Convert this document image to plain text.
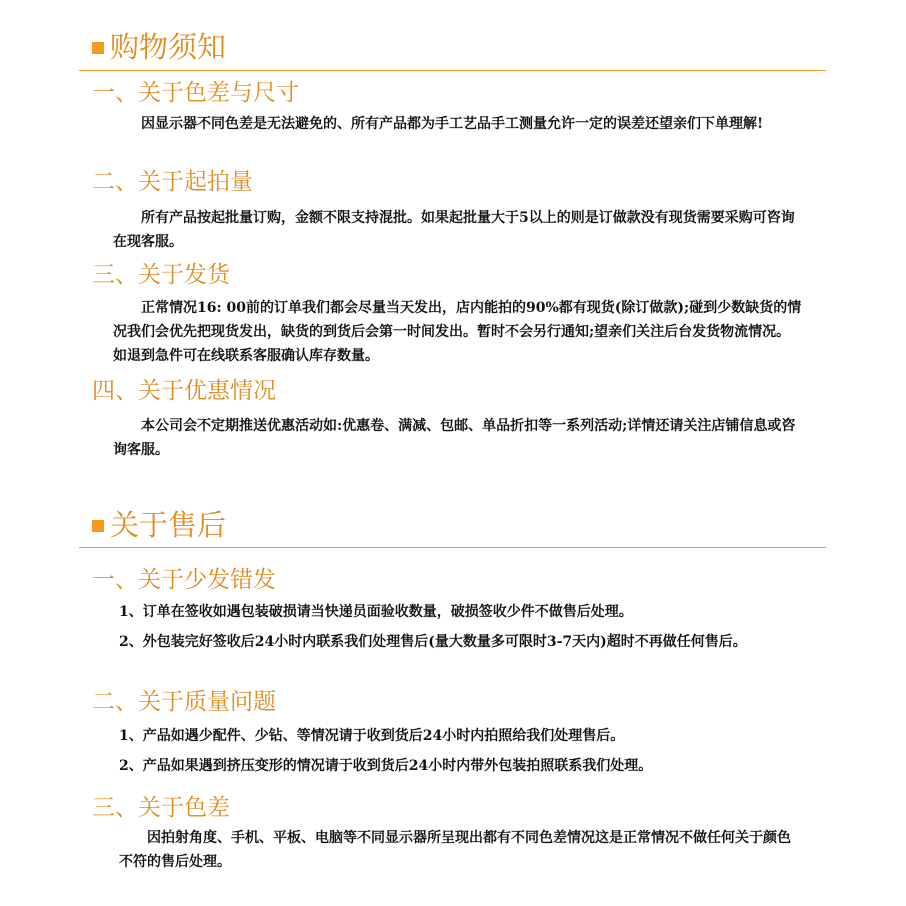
购物须知
一、关于色差与尺寸
因显示器不同色差是无法避免的、所有产品都为手工艺品手工测量允许一定的误差还望亲们下单理解!
二、关于起拍量
所有产品按起批量订购，金额不限支持混批。如果起批量大于5以上的则是订做款没有现货需要采购可咨询在现客服。
三、关于发货
正常情况16: 00前的订单我们都会尽量当天发出，店内能拍的90%都有现货(除订做款);碰到少数缺货的情况我们会优先把现货发出，缺货的到货后会第一时间发出。暂时不会另行通知;望亲们关注后台发货物流情况。如退到急件可在线联系客服确认库存数量。
四、关于优惠情况
本公司会不定期推送优惠活动如:优惠卷、满减、包邮、单品折扣等一系列活动;详情还请关注店铺信息或咨询客服。
关于售后
一、关于少发错发
1、订单在签收如遇包装破损请当快递员面验收数量，破损签收少件不做售后处理。
2、外包装完好签收后24小时内联系我们处理售后(量大数量多可限时3-7天内)超时不再做任何售后。
二、关于质量问题
1、产品如遇少配件、少钻、等情况请于收到货后24小时内拍照给我们处理售后。
2、产品如果遇到挤压变形的情况请于收到货后24小时内带外包装拍照联系我们处理。
三、关于色差
因拍射角度、手机、平板、电脑等不同显示器所呈现出都有不同色差情况这是正常情况不做任何关于颜色不符的售后处理。
